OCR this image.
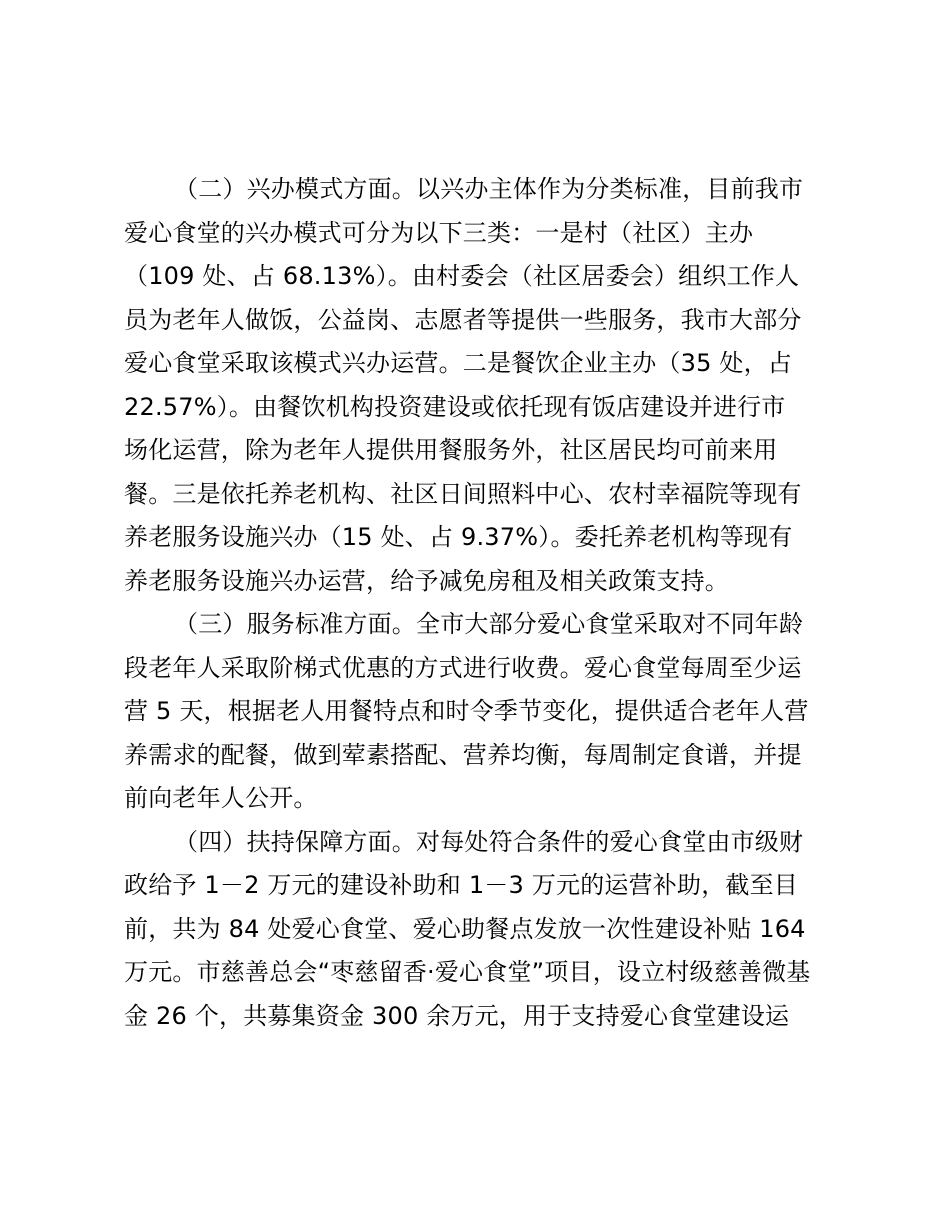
（二）兴办模式方面。以兴办主体作为分类标准，目前我市
爱心食堂的兴办模式可分为以下三类：一是村（社区）主办
（109 处、占 68.13%）。由村委会（社区居委会）组织工作人
员为老年人做饭，公益岗、志愿者等提供一些服务，我市大部分
爱心食堂采取该模式兴办运营。二是餐饮企业主办（35 处，占
22.57%）。由餐饮机构投资建设或依托现有饭店建设并进行市
场化运营，除为老年人提供用餐服务外，社区居民均可前来用
餐。三是依托养老机构、社区日间照料中心、农村幸福院等现有
养老服务设施兴办（15 处、占 9.37%）。委托养老机构等现有
养老服务设施兴办运营，给予减免房租及相关政策支持。
（三）服务标准方面。全市大部分爱心食堂采取对不同年龄
段老年人采取阶梯式优惠的方式进行收费。爱心食堂每周至少运
营 5 天，根据老人用餐特点和时令季节变化，提供适合老年人营
养需求的配餐，做到荤素搭配、营养均衡，每周制定食谱，并提
前向老年人公开。
（四）扶持保障方面。对每处符合条件的爱心食堂由市级财
政给予 1－2 万元的建设补助和 1－3 万元的运营补助，截至目
前，共为 84 处爱心食堂、爱心助餐点发放一次性建设补贴 164
万元。市慈善总会“枣慈留香·爱心食堂”项目，设立村级慈善微基
金 26 个，共募集资金 300 余万元，用于支持爱心食堂建设运
